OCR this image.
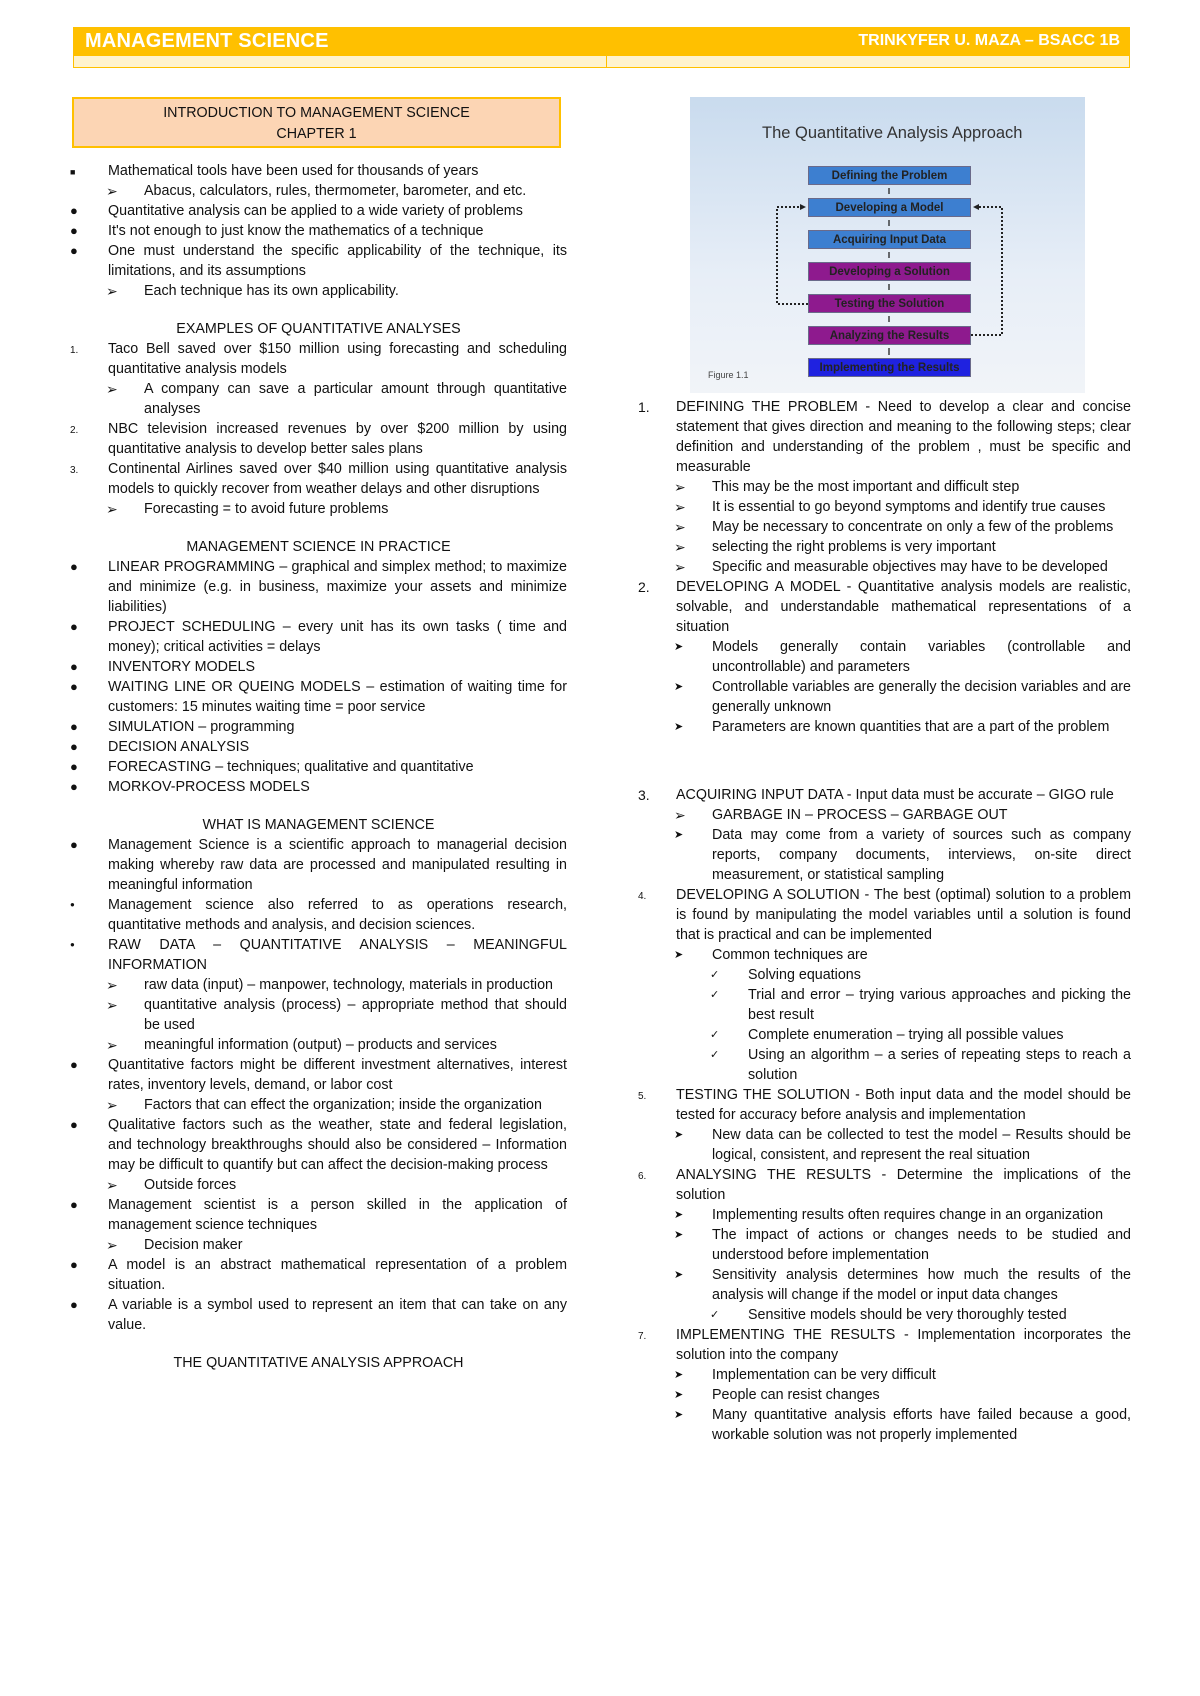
MANAGEMENT SCIENCE	TRINKYFER U. MAZA – BSACC 1B
INTRODUCTION TO MANAGEMENT SCIENCE
CHAPTER 1
■	Mathematical tools have been used for thousands of years
➢	Abacus, calculators, rules, thermometer, barometer, and etc.
●	Quantitative analysis can be applied to a wide variety of problems
●	It's not enough to just know the mathematics of a technique
●	One must understand the specific applicability of the technique, its limitations, and its assumptions
➢	Each technique has its own applicability.
EXAMPLES OF QUANTITATIVE ANALYSES
1.	Taco Bell saved over $150 million using forecasting and scheduling quantitative analysis models
➢	A company can save a particular amount through quantitative analyses
2.	NBC television increased revenues by over $200 million by using quantitative analysis to develop better sales plans
3.	Continental Airlines saved over $40 million using quantitative analysis models to quickly recover from weather delays and other disruptions
➢	Forecasting = to avoid future problems
MANAGEMENT SCIENCE IN PRACTICE
●	LINEAR PROGRAMMING – graphical and simplex method; to maximize and minimize (e.g. in business, maximize your assets and minimize liabilities)
●	PROJECT SCHEDULING – every unit has its own tasks ( time and money); critical activities = delays
●	INVENTORY MODELS
●	WAITING LINE OR QUEING MODELS – estimation of waiting time for customers: 15 minutes waiting time = poor service
●	SIMULATION – programming
●	DECISION ANALYSIS
●	FORECASTING – techniques; qualitative and quantitative
●	MORKOV-PROCESS MODELS
WHAT IS MANAGEMENT SCIENCE
●	Management Science is a scientific approach to managerial decision making whereby raw data are processed and manipulated resulting in meaningful information
●	Management science also referred to as operations research, quantitative methods and analysis, and decision sciences.
●	RAW DATA – QUANTITATIVE ANALYSIS – MEANINGFUL INFORMATION
➢	raw data (input) – manpower, technology, materials in production
➢	quantitative analysis (process) – appropriate method that should be used
➢	meaningful information (output) – products and services
●	Quantitative factors might be different investment alternatives, interest rates, inventory levels, demand, or labor cost
➢	Factors that can effect the organization; inside the organization
●	Qualitative factors such as the weather, state and federal legislation, and technology breakthroughs should also be considered – Information may be difficult to quantify but can affect the decision-making process
➢	Outside forces
●	Management scientist is a person skilled in the application of management science techniques
➢	Decision maker
●	A model is an abstract mathematical representation of a problem situation.
●	A variable is a symbol used to represent an item that can take on any value.
THE QUANTITATIVE ANALYSIS APPROACH
The Quantitative Analysis Approach
Defining the Problem
Developing a Model
Acquiring Input Data
Developing a Solution
Testing the Solution
Analyzing the Results
Implementing the Results
Figure 1.1
1.	DEFINING THE PROBLEM - Need to develop a clear and concise statement that gives direction and meaning to the following steps; clear definition and understanding of the problem , must be specific and measurable
➢	This may be the most important and difficult step
➢	It is essential to go beyond symptoms and identify true causes
➢	May be necessary to concentrate on only a few of the problems
➢	selecting the right problems is very important
➢	Specific and measurable objectives may have to be developed
2.	DEVELOPING A MODEL - Quantitative analysis models are realistic, solvable, and understandable mathematical representations of a situation
➤	Models generally contain variables (controllable and uncontrollable) and parameters
➤	Controllable variables are generally the decision variables and are generally unknown
➤	Parameters are known quantities that are a part of the problem
3.	ACQUIRING INPUT DATA - Input data must be accurate – GIGO rule
➢	GARBAGE IN – PROCESS – GARBAGE OUT
➤	Data may come from a variety of sources such as company reports, company documents, interviews, on-site direct measurement, or statistical sampling
4.	DEVELOPING A SOLUTION - The best (optimal) solution to a problem is found by manipulating the model variables until a solution is found that is practical and can be implemented
➤	Common techniques are
✓	Solving equations
✓	Trial and error – trying various approaches and picking the best result
✓	Complete enumeration – trying all possible values
✓	Using an algorithm – a series of repeating steps to reach a solution
5.	TESTING THE SOLUTION - Both input data and the model should be tested for accuracy before analysis and implementation
➤	New data can be collected to test the model – Results should be logical, consistent, and represent the real situation
6.	ANALYSING THE RESULTS - Determine the implications of the solution
➤	Implementing results often requires change in an organization
➤	The impact of actions or changes needs to be studied and understood before implementation
➤	Sensitivity analysis determines how much the results of the analysis will change if the model or input data changes
✓	Sensitive models should be very thoroughly tested
7.	IMPLEMENTING THE RESULTS - Implementation incorporates the solution into the company
➤	Implementation can be very difficult
➤	People can resist changes
➤	Many quantitative analysis efforts have failed because a good, workable solution was not properly implemented
